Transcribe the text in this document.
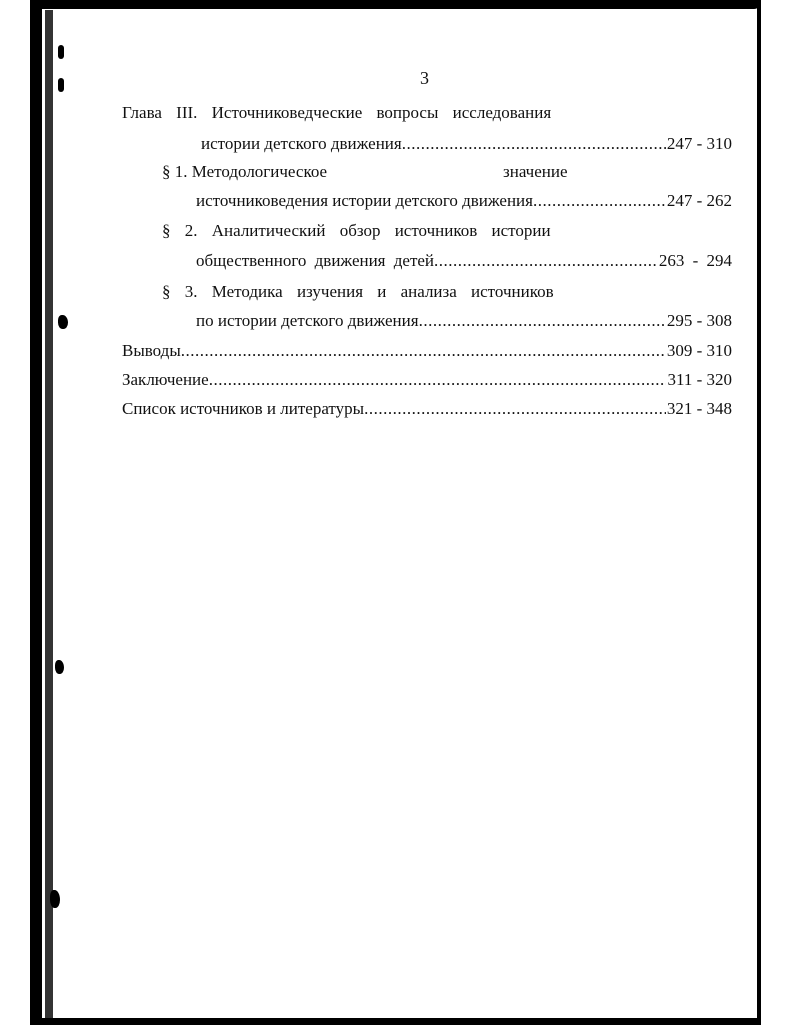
3
Глава III. Источниковедческие вопросы исследования
истории детского движения .....	247 - 310
§ 1. Методологическое	значение
источниковедения истории детского движения .....	247 - 262
§ 2. Аналитический обзор источников истории
общественного движения детей .....	263 - 294
§ 3. Методика изучения и анализа источников
по истории детского движения .....	295 - 308
Выводы .....	309 - 310
Заключение .....	311 - 320
Список источников и литературы .....	321 - 348
